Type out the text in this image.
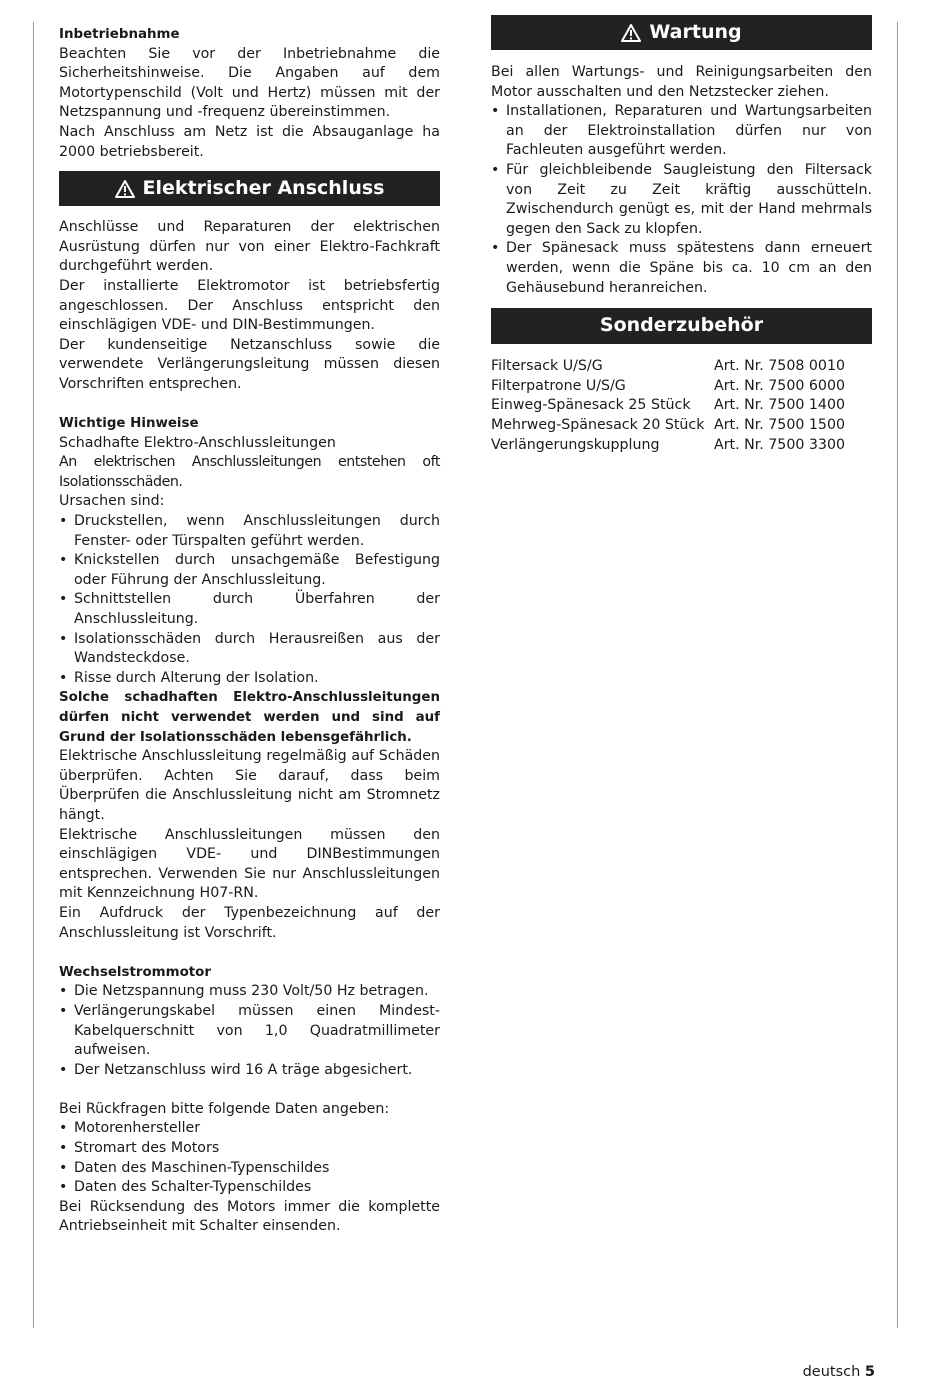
Inbetriebnahme

Beachten Sie vor der Inbetriebnahme die Sicherheitshinweise. Die Angaben auf dem Motortypenschild (Volt und Hertz) müssen mit der Netzspannung und -frequenz übereinstimmen.

Nach Anschluss am Netz ist die Absauganlage ha 2000 betriebsbereit.

Elektrischer Anschluss

Anschlüsse und Reparaturen der elektrischen Ausrüstung dürfen nur von einer Elektro-Fachkraft durchgeführt werden.

Der installierte Elektromotor ist betriebsfertig angeschlossen. Der Anschluss entspricht den einschlägigen VDE- und DIN-Bestimmungen.

Der kundenseitige Netzanschluss sowie die verwendete Verlängerungsleitung müssen diesen Vorschriften entsprechen.

Wichtige Hinweise

Schadhafte Elektro-Anschlussleitungen

An elektrischen Anschlussleitungen entstehen oft Isolationsschäden.

Ursachen sind:

• Druckstellen, wenn Anschlussleitungen durch Fenster- oder Türspalten geführt werden.
• Knickstellen durch unsachgemäße Befestigung oder Führung der Anschlussleitung.
• Schnittstellen durch Überfahren der Anschlussleitung.
• Isolationsschäden durch Herausreißen aus der Wandsteckdose.
• Risse durch Alterung der Isolation.

Solche schadhaften Elektro-Anschlussleitungen dürfen nicht verwendet werden und sind auf Grund der Isolationsschäden lebensgefährlich.

Elektrische Anschlussleitung regelmäßig auf Schäden überprüfen. Achten Sie darauf, dass beim Überprüfen die Anschlussleitung nicht am Stromnetz hängt.

Elektrische Anschlussleitungen müssen den einschlägigen VDE- und DINBestimmungen entsprechen. Verwenden Sie nur Anschlussleitungen mit Kennzeichnung H07-RN.

Ein Aufdruck der Typenbezeichnung auf der Anschlussleitung ist Vorschrift.

Wechselstrommotor
• Die Netzspannung muss 230 Volt/50 Hz betragen.
• Verlängerungskabel müssen einen Mindest-Kabelquerschnitt von 1,0 Quadratmillimeter aufweisen.
• Der Netzanschluss wird 16 A träge abgesichert.

Bei Rückfragen bitte folgende Daten angeben:

• Motorenhersteller
• Stromart des Motors
• Daten des Maschinen-Typenschildes
• Daten des Schalter-Typenschildes

Bei Rücksendung des Motors immer die komplette Antriebseinheit mit Schalter einsenden.

Wartung

Bei allen Wartungs- und Reinigungsarbeiten den Motor ausschalten und den Netzstecker ziehen.

• Installationen, Reparaturen und Wartungsarbeiten an der Elektroinstallation dürfen nur von Fachleuten ausgeführt werden.
• Für gleichbleibende Saugleistung den Filtersack von Zeit zu Zeit kräftig ausschütteln. Zwischendurch genügt es, mit der Hand mehrmals gegen den Sack zu klopfen.
• Der Spänesack muss spätestens dann erneuert werden, wenn die Späne bis ca. 10 cm an den Gehäusebund heranreichen.
Sonderzubehör
Filtersack U/S/G	Art. Nr. 7508 0010
Filterpatrone U/S/G	Art. Nr. 7500 6000
Einweg-Spänesack 25 Stück	Art. Nr. 7500 1400
Mehrweg-Spänesack 20 Stück Art. Nr. 7500 1500
Verlängerungskupplung	Art. Nr. 7500 3300
deutsch 5
